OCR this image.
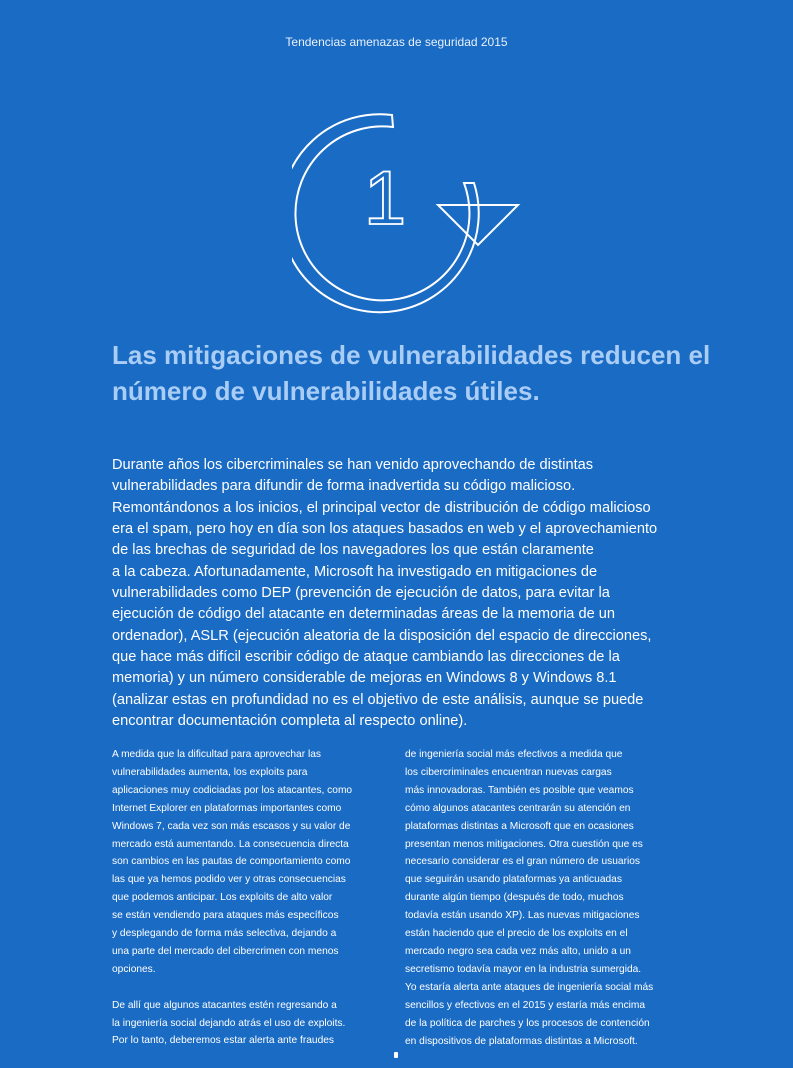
Tendencias amenazas de seguridad 2015
1
Las mitigaciones de vulnerabilidades reducen el número de vulnerabilidades útiles.
Durante años los cibercriminales se han venido aprovechando de distintas
vulnerabilidades para difundir de forma inadvertida su código malicioso.
Remontándonos a los inicios, el principal vector de distribución de código malicioso
era el spam, pero hoy en día son los ataques basados en web y el aprovechamiento
de las brechas de seguridad de los navegadores los que están claramente
a la cabeza. Afortunadamente, Microsoft ha investigado en mitigaciones de
vulnerabilidades como DEP (prevención de ejecución de datos, para evitar la
ejecución de código del atacante en determinadas áreas de la memoria de un
ordenador), ASLR (ejecución aleatoria de la disposición del espacio de direcciones,
que hace más difícil escribir código de ataque cambiando las direcciones de la
memoria) y un número considerable de mejoras en Windows 8 y Windows 8.1
(analizar estas en profundidad no es el objetivo de este análisis, aunque se puede
encontrar documentación completa al respecto online).

A medida que la dificultad para aprovechar las
vulnerabilidades aumenta, los exploits para
aplicaciones muy codiciadas por los atacantes, como
Internet Explorer en plataformas importantes como
Windows 7, cada vez son más escasos y su valor de
mercado está aumentando. La consecuencia directa
son cambios en las pautas de comportamiento como
las que ya hemos podido ver y otras consecuencias
que podemos anticipar. Los exploits de alto valor
se están vendiendo para ataques más específicos
y desplegando de forma más selectiva, dejando a
una parte del mercado del cibercrimen con menos
opciones.

De allí que algunos atacantes estén regresando a
la ingeniería social dejando atrás el uso de exploits.
Por lo tanto, deberemos estar alerta ante fraudes

de ingeniería social más efectivos a medida que
los cibercriminales encuentran nuevas cargas
más innovadoras. También es posible que veamos
cómo algunos atacantes centrarán su atención en
plataformas distintas a Microsoft que en ocasiones
presentan menos mitigaciones. Otra cuestión que es
necesario considerar es el gran número de usuarios
que seguirán usando plataformas ya anticuadas
durante algún tiempo (después de todo, muchos
todavía están usando XP). Las nuevas mitigaciones
están haciendo que el precio de los exploits en el
mercado negro sea cada vez más alto, unido a un
secretismo todavía mayor en la industria sumergida.
Yo estaría alerta ante ataques de ingeniería social más
sencillos y efectivos en el 2015 y estaría más encima
de la política de parches y los procesos de contención
en dispositivos de plataformas distintas a Microsoft.
